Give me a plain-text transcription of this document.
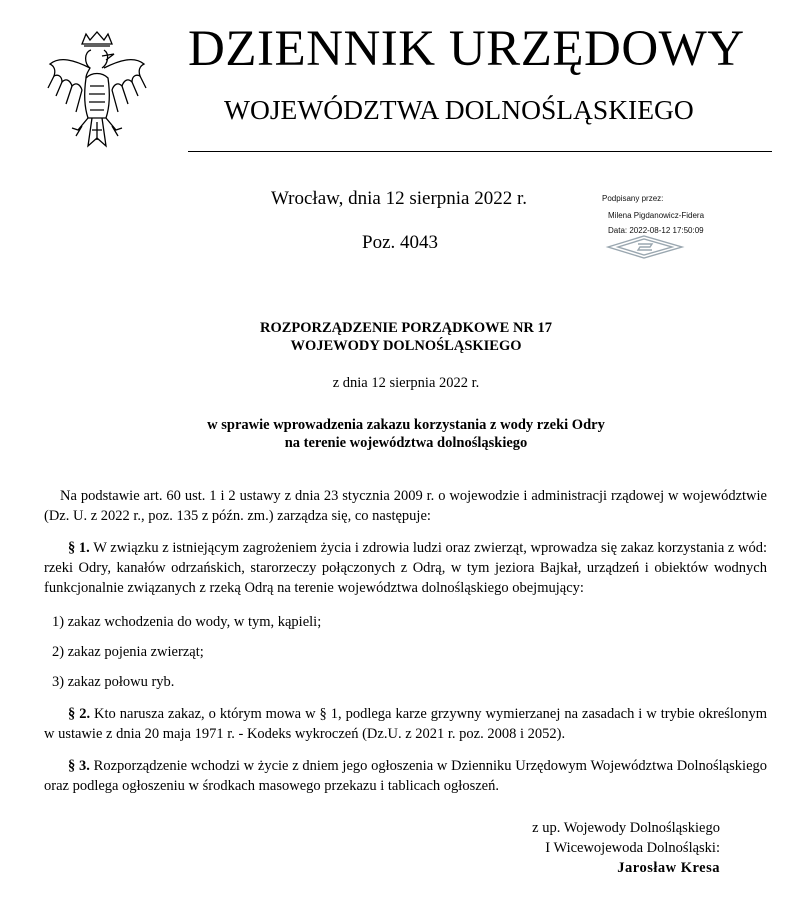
DZIENNIK URZĘDOWY
WOJEWÓDZTWA DOLNOŚLĄSKIEGO
Wrocław, dnia 12 sierpnia 2022 r.
Poz. 4043
Podpisany przez:
Milena Pigdanowicz-Fidera
Data: 2022-08-12 17:50:09
ROZPORZĄDZENIE PORZĄDKOWE NR 17
WOJEWODY DOLNOŚLĄSKIEGO
z dnia 12 sierpnia 2022 r.
w sprawie wprowadzenia zakazu korzystania z wody rzeki Odry
na terenie województwa dolnośląskiego

Na podstawie art. 60 ust. 1 i 2 ustawy z dnia 23 stycznia 2009 r. o wojewodzie i administracji rządowej w województwie (Dz. U. z 2022 r., poz. 135 z późn. zm.) zarządza się, co następuje:

§ 1. W związku z istniejącym zagrożeniem życia i zdrowia ludzi oraz zwierząt, wprowadza się zakaz korzystania z wód: rzeki Odry, kanałów odrzańskich, starorzeczy połączonych z Odrą, w tym jeziora Bajkał, urządzeń i obiektów wodnych funkcjonalnie związanych z rzeką Odrą na terenie województwa dolnośląskiego obejmujący:

1) zakaz wchodzenia do wody, w tym, kąpieli;
2) zakaz pojenia zwierząt;
3) zakaz połowu ryb.

§ 2. Kto narusza zakaz, o którym mowa w § 1, podlega karze grzywny wymierzanej na zasadach i w trybie określonym w ustawie z dnia 20 maja 1971 r. - Kodeks wykroczeń (Dz.U. z 2021 r. poz. 2008 i 2052).

§ 3. Rozporządzenie wchodzi w życie z dniem jego ogłoszenia w Dzienniku Urzędowym Województwa Dolnośląskiego oraz podlega ogłoszeniu w środkach masowego przekazu i tablicach ogłoszeń.

z up. Wojewody Dolnośląskiego
I Wicewojewoda Dolnośląski:
Jarosław Kresa
